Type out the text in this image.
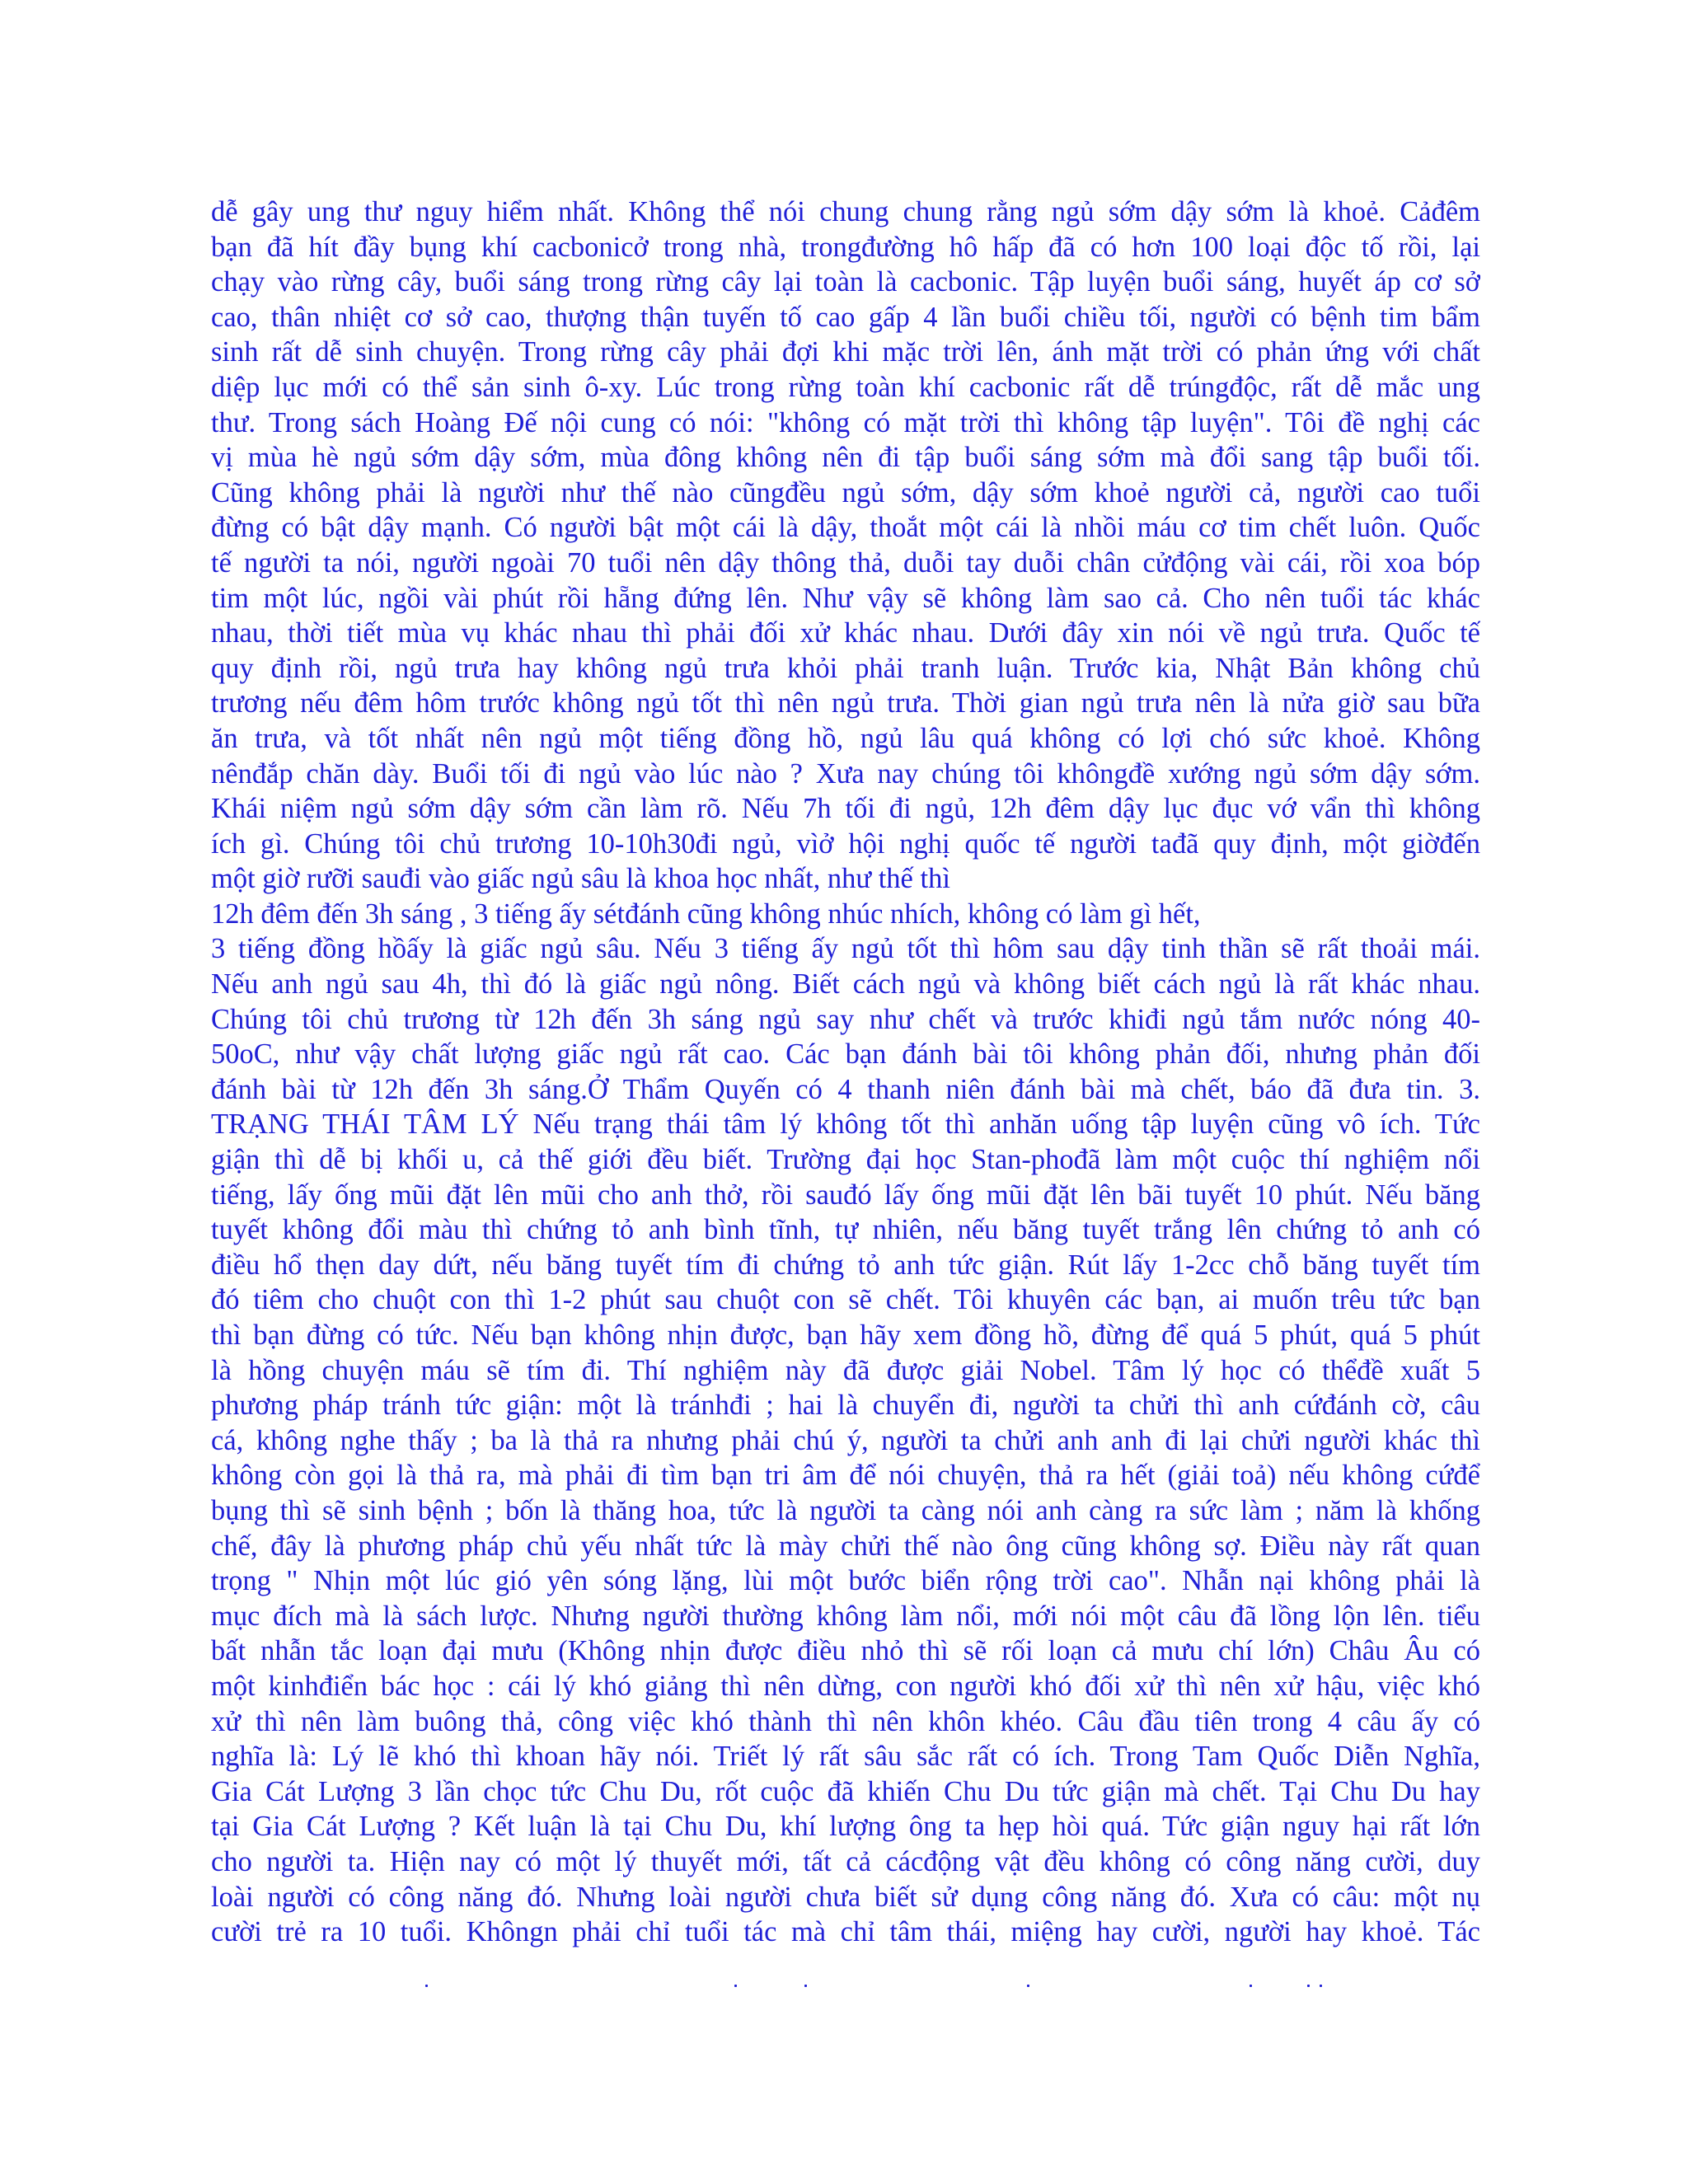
dễ gây ung thư nguy hiểm nhất. Không thể nói chung chung rằng ngủ sớm dậy sớm là khoẻ. Cảđêm
bạn đã hít đầy bụng khí cacbonicở trong nhà, trongđường hô hấp đã có hơn 100 loại độc tố rồi, lại
chạy vào rừng cây, buổi sáng trong rừng cây lại toàn là cacbonic. Tập luyện buổi sáng, huyết áp cơ sở
cao, thân nhiệt cơ sở cao, thượng thận tuyến tố cao gấp 4 lần buổi chiều tối, người có bệnh tim bẩm
sinh rất dễ sinh chuyện. Trong rừng cây phải đợi khi mặc trời lên, ánh mặt trời có phản ứng với chất
diệp lục mới có thể sản sinh ô-xy. Lúc trong rừng toàn khí cacbonic rất dễ trúngđộc, rất dễ mắc ung
thư. Trong sách Hoàng Đế nội cung có nói: "không có mặt trời thì không tập luyện". Tôi đề nghị các
vị mùa hè ngủ sớm dậy sớm, mùa đông không nên đi tập buổi sáng sớm mà đổi sang tập buổi tối.
Cũng không phải là người như thế nào cũngđều ngủ sớm, dậy sớm khoẻ người cả, người cao tuổi
đừng có bật dậy mạnh. Có người bật một cái là dậy, thoắt một cái là nhồi máu cơ tim chết luôn. Quốc
tế người ta nói, người ngoài 70 tuổi nên dậy thông thả, duỗi tay duỗi chân cửđộng vài cái, rồi xoa bóp
tim một lúc, ngồi vài phút rồi hẵng đứng lên. Như vậy sẽ không làm sao cả. Cho nên tuổi tác khác
nhau, thời tiết mùa vụ khác nhau thì phải đối xử khác nhau. Dưới đây xin nói về ngủ trưa. Quốc tế
quy định rồi, ngủ trưa hay không ngủ trưa khỏi phải tranh luận. Trước kia, Nhật Bản không chủ
trương nếu đêm hôm trước không ngủ tốt thì nên ngủ trưa. Thời gian ngủ trưa nên là nửa giờ sau bữa
ăn trưa, và tốt nhất nên ngủ một tiếng đồng hồ, ngủ lâu quá không có lợi chó sức khoẻ. Không
nênđắp chăn dày. Buổi tối đi ngủ vào lúc nào ? Xưa nay chúng tôi khôngđề xướng ngủ sớm dậy sớm.
Khái niệm ngủ sớm dậy sớm cần làm rõ. Nếu 7h tối đi ngủ, 12h đêm dậy lục đục vớ vẩn thì không
ích gì. Chúng tôi chủ trương 10-10h30đi ngủ, vìở hội nghị quốc tế người tađã quy định, một giờđến
một giờ rưỡi sauđi vào giấc ngủ sâu là khoa học nhất, như thế thì
12h đêm đến 3h sáng , 3 tiếng ấy sétđánh cũng không nhúc nhích, không có làm gì hết,
3 tiếng đồng hồấy là giấc ngủ sâu. Nếu 3 tiếng ấy ngủ tốt thì hôm sau dậy tinh thần sẽ rất thoải mái.
Nếu anh ngủ sau 4h, thì đó là giấc ngủ nông. Biết cách ngủ và không biết cách ngủ là rất khác nhau.
Chúng tôi chủ trương từ 12h đến 3h sáng ngủ say như chết và trước khiđi ngủ tắm nước nóng 40-
50oC, như vậy chất lượng giấc ngủ rất cao. Các bạn đánh bài tôi không phản đối, nhưng phản đối
đánh bài từ 12h đến 3h sáng.Ở Thẩm Quyến có 4 thanh niên đánh bài mà chết, báo đã đưa tin. 3.
TRẠNG THÁI TÂM LÝ Nếu trạng thái tâm lý không tốt thì anhăn uống tập luyện cũng vô ích. Tức
giận thì dễ bị khối u, cả thế giới đều biết. Trường đại học Stan-phođã làm một cuộc thí nghiệm nổi
tiếng, lấy ống mũi đặt lên mũi cho anh thở, rồi sauđó lấy ống mũi đặt lên bãi tuyết 10 phút. Nếu băng
tuyết không đổi màu thì chứng tỏ anh bình tĩnh, tự nhiên, nếu băng tuyết trắng lên chứng tỏ anh có
điều hổ thẹn day dứt, nếu băng tuyết tím đi chứng tỏ anh tức giận. Rút lấy 1-2cc chỗ băng tuyết tím
đó tiêm cho chuột con thì 1-2 phút sau chuột con sẽ chết. Tôi khuyên các bạn, ai muốn trêu tức bạn
thì bạn đừng có tức. Nếu bạn không nhịn được, bạn hãy xem đồng hồ, đừng để quá 5 phút, quá 5 phút
là hồng chuyện máu sẽ tím đi. Thí nghiệm này đã được giải Nobel. Tâm lý học có thểđề xuất 5
phương pháp tránh tức giận: một là tránhđi ; hai là chuyển đi, người ta chửi thì anh cứđánh cờ, câu
cá, không nghe thấy ; ba là thả ra nhưng phải chú ý, người ta chửi anh anh đi lại chửi người khác thì
không còn gọi là thả ra, mà phải đi tìm bạn tri âm để nói chuyện, thả ra hết (giải toả) nếu không cứđể
bụng thì sẽ sinh bệnh ; bốn là thăng hoa, tức là người ta càng nói anh càng ra sức làm ; năm là khống
chế, đây là phương pháp chủ yếu nhất tức là mày chửi thế nào ông cũng không sợ. Điều này rất quan
trọng " Nhịn một lúc gió yên sóng lặng, lùi một bước biển rộng trời cao". Nhẫn nại không phải là
mục đích mà là sách lược. Nhưng người thường không làm nổi, mới nói một câu đã lồng lộn lên. tiểu
bất nhẫn tắc loạn đại mưu (Không nhịn được điều nhỏ thì sẽ rối loạn cả mưu chí lớn) Châu Âu có
một kinhđiển bác học : cái lý khó giảng thì nên dừng, con người khó đối xử thì nên xử hậu, việc khó
xử thì nên làm buông thả, công việc khó thành thì nên khôn khéo. Câu đầu tiên trong 4 câu ấy có
nghĩa là: Lý lẽ khó thì khoan hãy nói. Triết lý rất sâu sắc rất có ích. Trong Tam Quốc Diễn Nghĩa,
Gia Cát Lượng 3 lần chọc tức Chu Du, rốt cuộc đã khiến Chu Du tức giận mà chết. Tại Chu Du hay
tại Gia Cát Lượng ? Kết luận là tại Chu Du, khí lượng ông ta hẹp hòi quá. Tức giận nguy hại rất lớn
cho người ta. Hiện nay có một lý thuyết mới, tất cả cácđộng vật đều không có công năng cười, duy
loài người có công năng đó. Nhưng loài người chưa biết sử dụng công năng đó. Xưa có câu: một nụ
cười trẻ ra 10 tuổi. Khôngn phải chỉ tuổi tác mà chỉ tâm thái, miệng hay cười, người hay khoẻ. Tác
